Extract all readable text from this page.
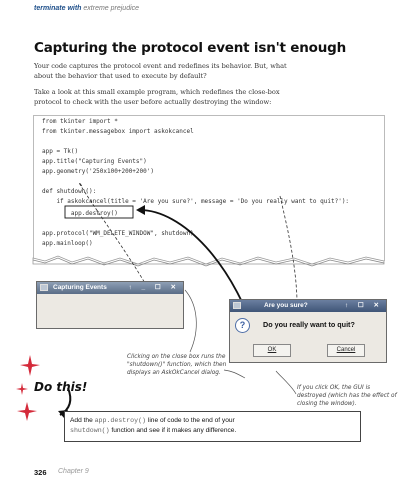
terminate with extreme prejudice
Capturing the protocol event isn't enough
Your code captures the protocol event and redefines its behavior. But, what
about the behavior that used to execute by default?
Take a look at this small example program, which redefines the close-box
protocol to check with the user before actually destroying the window:
from tkinter import *
from tkinter.messagebox import askokcancel
app = Tk()
app.title("Capturing Events")
app.geometry('250x100+200+200')
def shutdown():
if askokcancel(title = 'Are you sure?', message = 'Do you really want to quit?'):
app.destroy()
app.protocol("WM_DELETE_WINDOW", shutdown)
app.mainloop()
Capturing Events	↑ _ ☐ ✕
Are you sure?	↑ ☐ ✕
?	Do you really want to quit?
OK	Cancel
Clicking on the close box runs the
"shutdown()" function, which then
displays an AskOkCancel dialog.
If you click OK, the GUI is
destroyed (which has the effect of
closing the window).
Do this!
Add the app.destroy() line of code to the end of your
shutdown() function and see if it makes any difference.
326 Chapter 9
